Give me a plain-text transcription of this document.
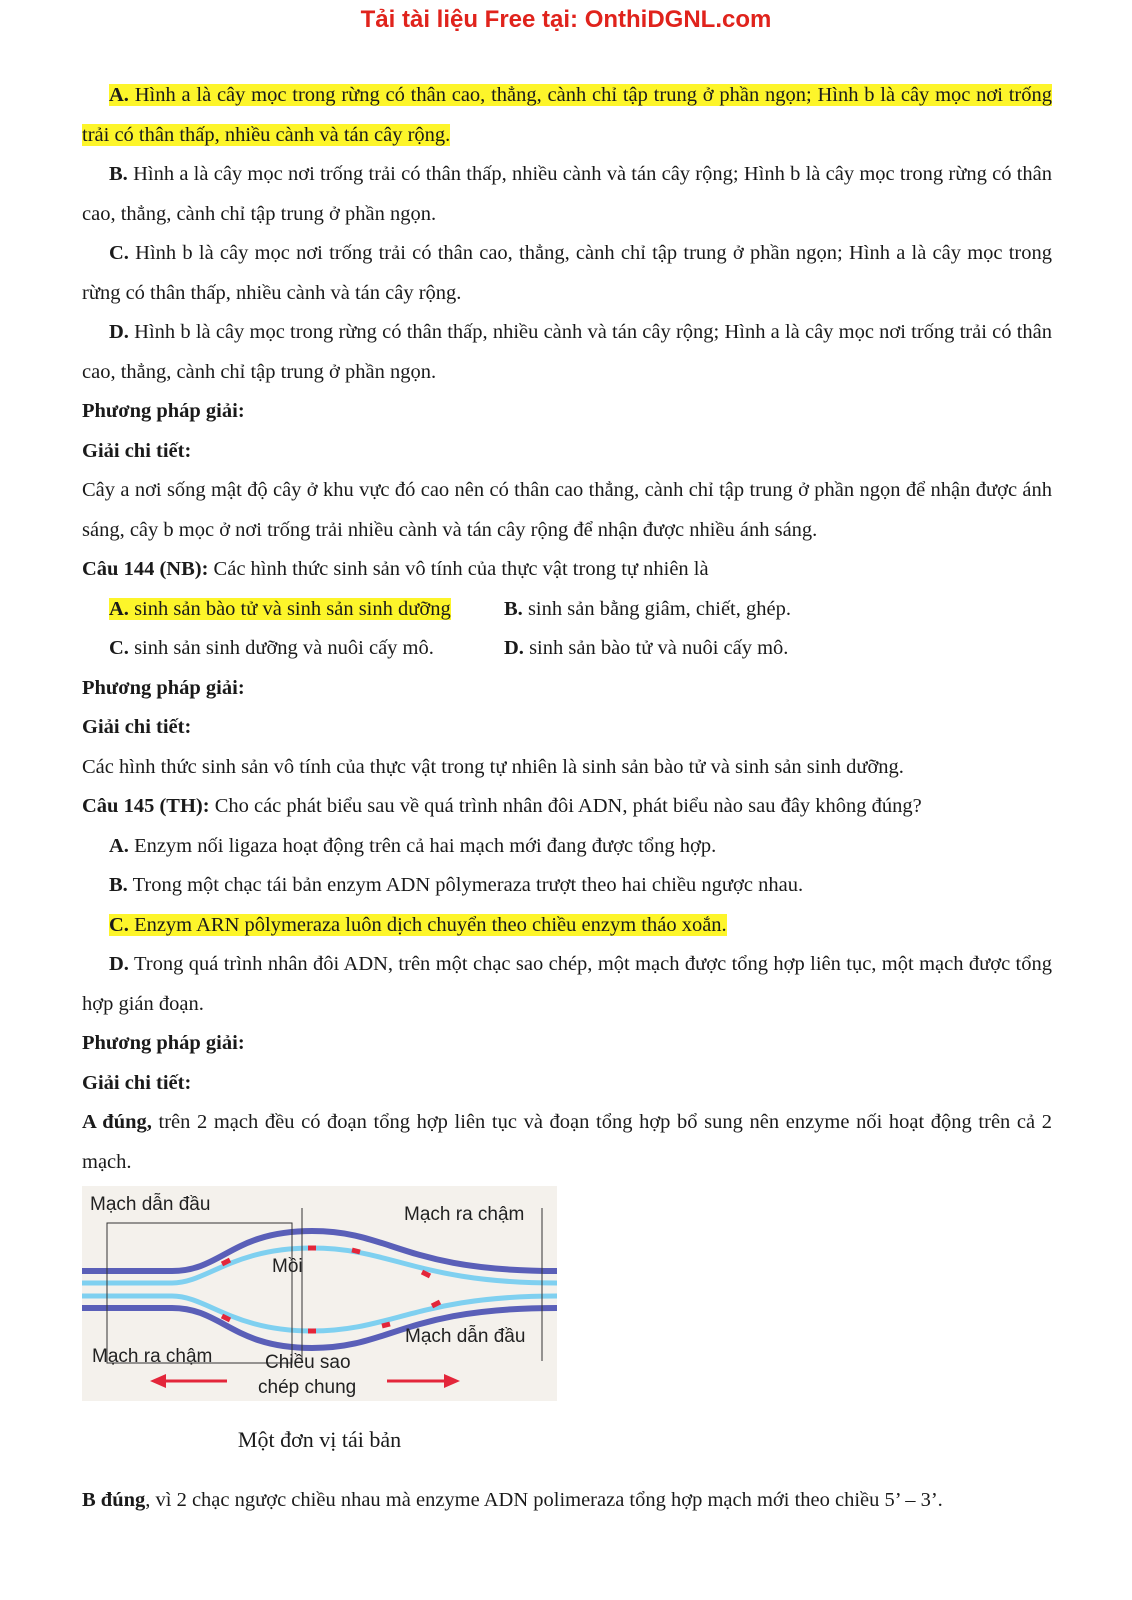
Tải tài liệu Free tại: OnthiDGNL.com

A. Hình a là cây mọc trong rừng có thân cao, thẳng, cành chỉ tập trung ở phần ngọn; Hình b là cây mọc nơi trống trải có thân thấp, nhiều cành và tán cây rộng.

B. Hình a là cây mọc nơi trống trải có thân thấp, nhiều cành và tán cây rộng; Hình b là cây mọc trong rừng có thân cao, thẳng, cành chỉ tập trung ở phần ngọn.

C. Hình b là cây mọc nơi trống trải có thân cao, thẳng, cành chỉ tập trung ở phần ngọn; Hình a là cây mọc trong rừng có thân thấp, nhiều cành và tán cây rộng.

D. Hình b là cây mọc trong rừng có thân thấp, nhiều cành và tán cây rộng; Hình a là cây mọc nơi trống trải có thân cao, thẳng, cành chỉ tập trung ở phần ngọn.

Phương pháp giải:

Giải chi tiết:

Cây a nơi sống mật độ cây ở khu vực đó cao nên có thân cao thẳng, cành chỉ tập trung ở phần ngọn để nhận được ánh sáng, cây b mọc ở nơi trống trải nhiều cành và tán cây rộng để nhận được nhiều ánh sáng.

Câu 144 (NB): Các hình thức sinh sản vô tính của thực vật trong tự nhiên là

A. sinh sản bào tử và sinh sản sinh dưỡng	B. sinh sản bằng giâm, chiết, ghép.
C. sinh sản sinh dưỡng và nuôi cấy mô.	D. sinh sản bào tử và nuôi cấy mô.

Phương pháp giải:

Giải chi tiết:

Các hình thức sinh sản vô tính của thực vật trong tự nhiên là sinh sản bào tử và sinh sản sinh dưỡng.

Câu 145 (TH): Cho các phát biểu sau về quá trình nhân đôi ADN, phát biểu nào sau đây không đúng?

A. Enzym nối ligaza hoạt động trên cả hai mạch mới đang được tổng hợp.

B. Trong một chạc tái bản enzym ADN pôlymeraza trượt theo hai chiều ngược nhau.

C. Enzym ARN pôlymeraza luôn dịch chuyển theo chiều enzym tháo xoắn.

D. Trong quá trình nhân đôi ADN, trên một chạc sao chép, một mạch được tổng hợp liên tục, một mạch được tổng hợp gián đoạn.

Phương pháp giải:

Giải chi tiết:

A đúng, trên 2 mạch đều có đoạn tổng hợp liên tục và đoạn tổng hợp bổ sung nên enzyme nối hoạt động trên cả 2 mạch.

Mạch dẫn đầu	Mạch ra chậm
Mồi
Mạch dẫn đầu
Mạch ra chậm	Chiều sao
chép chung
Một đơn vị tái bản

B đúng, vì 2 chạc ngược chiều nhau mà enzyme ADN polimeraza tổng hợp mạch mới theo chiều 5’ – 3’.
